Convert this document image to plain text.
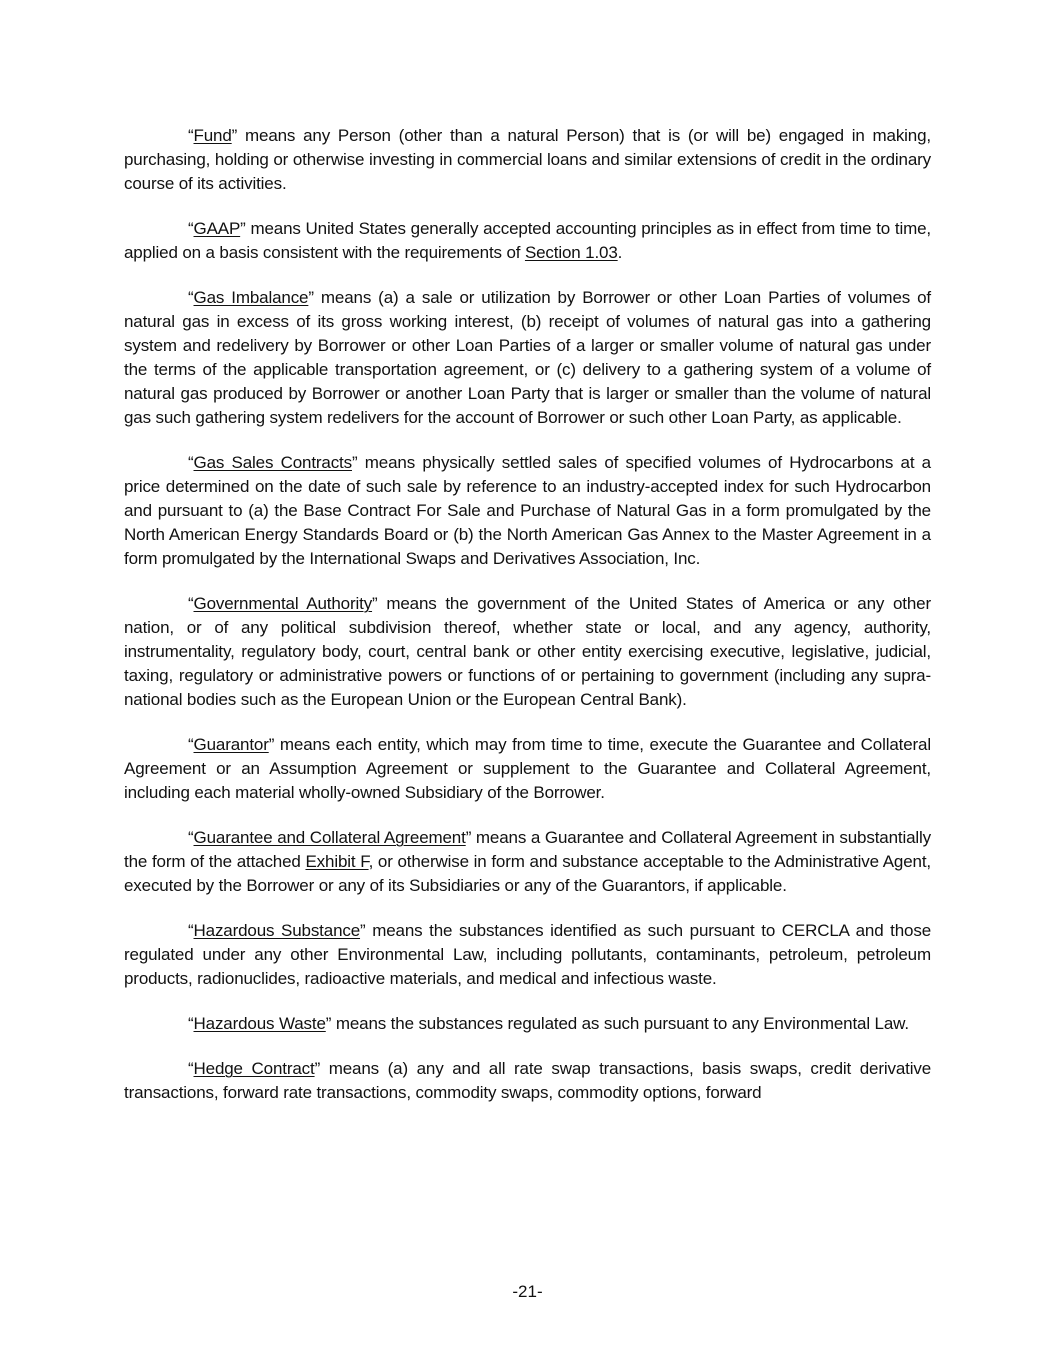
“Fund” means any Person (other than a natural Person) that is (or will be) engaged in making, purchasing, holding or otherwise investing in commercial loans and similar extensions of credit in the ordinary course of its activities.

“GAAP” means United States generally accepted accounting principles as in effect from time to time, applied on a basis consistent with the requirements of Section 1.03.

“Gas Imbalance” means (a) a sale or utilization by Borrower or other Loan Parties of volumes of natural gas in excess of its gross working interest, (b) receipt of volumes of natural gas into a gathering system and redelivery by Borrower or other Loan Parties of a larger or smaller volume of natural gas under the terms of the applicable transportation agreement, or (c) delivery to a gathering system of a volume of natural gas produced by Borrower or another Loan Party that is larger or smaller than the volume of natural gas such gathering system redelivers for the account of Borrower or such other Loan Party, as applicable.

“Gas Sales Contracts” means physically settled sales of specified volumes of Hydrocarbons at a price determined on the date of such sale by reference to an industry-accepted index for such Hydrocarbon and pursuant to (a) the Base Contract For Sale and Purchase of Natural Gas in a form promulgated by the North American Energy Standards Board or (b) the North American Gas Annex to the Master Agreement in a form promulgated by the International Swaps and Derivatives Association, Inc.

“Governmental Authority” means the government of the United States of America or any other nation, or of any political subdivision thereof, whether state or local, and any agency, authority, instrumentality, regulatory body, court, central bank or other entity exercising executive, legislative, judicial, taxing, regulatory or administrative powers or functions of or pertaining to government (including any supra-national bodies such as the European Union or the European Central Bank).

“Guarantor” means each entity, which may from time to time, execute the Guarantee and Collateral Agreement or an Assumption Agreement or supplement to the Guarantee and Collateral Agreement, including each material wholly-owned Subsidiary of the Borrower.

“Guarantee and Collateral Agreement” means a Guarantee and Collateral Agreement in substantially the form of the attached Exhibit F, or otherwise in form and substance acceptable to the Administrative Agent, executed by the Borrower or any of its Subsidiaries or any of the Guarantors, if applicable.

“Hazardous Substance” means the substances identified as such pursuant to CERCLA and those regulated under any other Environmental Law, including pollutants, contaminants, petroleum, petroleum products, radionuclides, radioactive materials, and medical and infectious waste.

“Hazardous Waste” means the substances regulated as such pursuant to any Environmental Law.

“Hedge Contract” means (a) any and all rate swap transactions, basis swaps, credit derivative transactions, forward rate transactions, commodity swaps, commodity options, forward

-21-
